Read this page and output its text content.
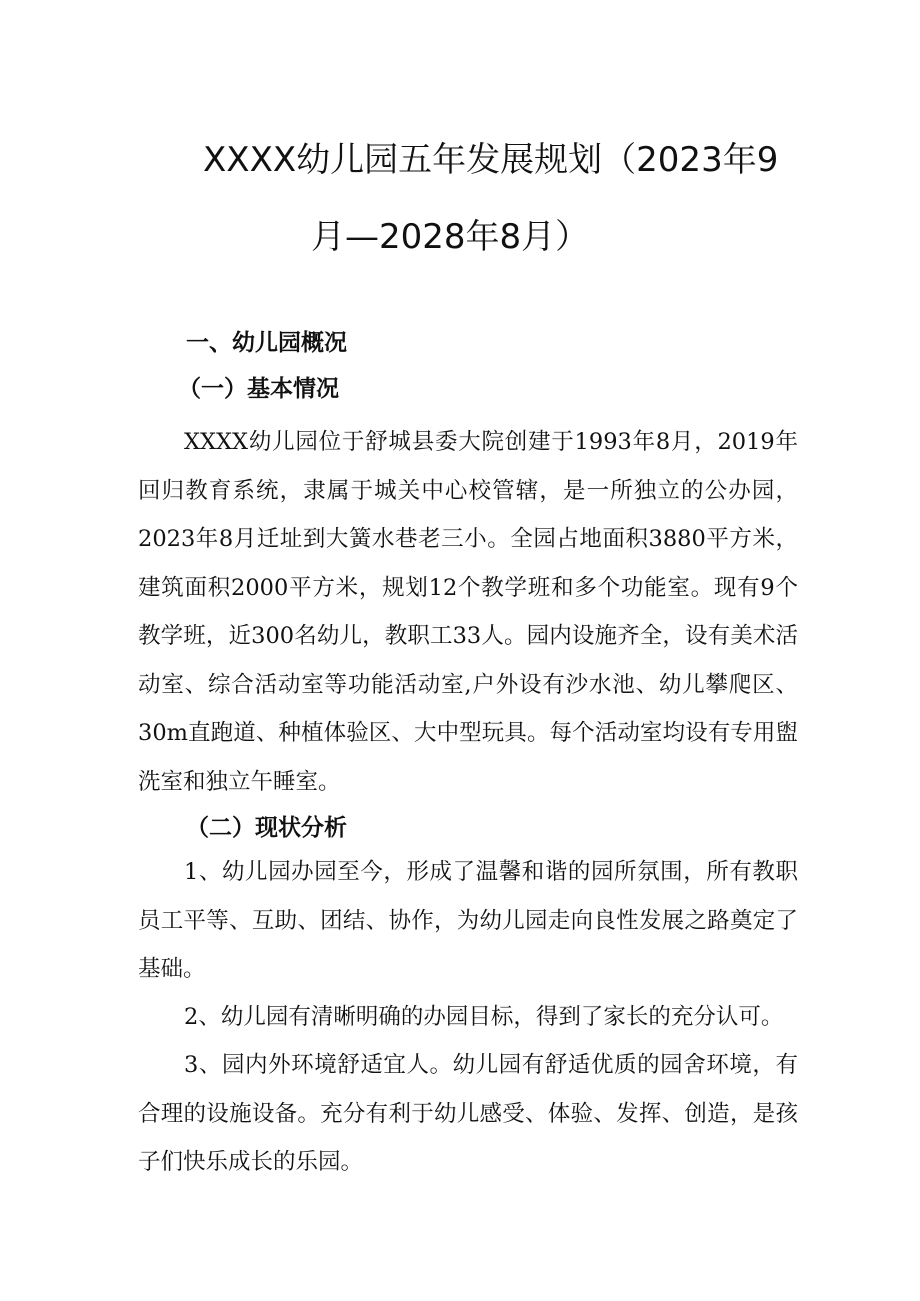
XXXX幼儿园五年发展规划（2023年9
月—2028年8月）
一、幼儿园概况
（一）基本情况
XXXX幼儿园位于舒城县委大院创建于1993年8月，2019年回归教育系统，隶属于城关中心校管辖，是一所独立的公办园，2023年8月迁址到大簧水巷老三小。全园占地面积3880平方米，建筑面积2000平方米，规划12个教学班和多个功能室。现有9个教学班，近300名幼儿，教职工33人。园内设施齐全，设有美术活动室、综合活动室等功能活动室,户外设有沙水池、幼儿攀爬区、30m直跑道、种植体验区、大中型玩具。每个活动室均设有专用盥洗室和独立午睡室。
（二）现状分析
1、幼儿园办园至今，形成了温馨和谐的园所氛围，所有教职员工平等、互助、团结、协作，为幼儿园走向良性发展之路奠定了基础。
2、幼儿园有清晰明确的办园目标，得到了家长的充分认可。
3、园内外环境舒适宜人。幼儿园有舒适优质的园舍环境，有合理的设施设备。充分有利于幼儿感受、体验、发挥、创造，是孩子们快乐成长的乐园。
